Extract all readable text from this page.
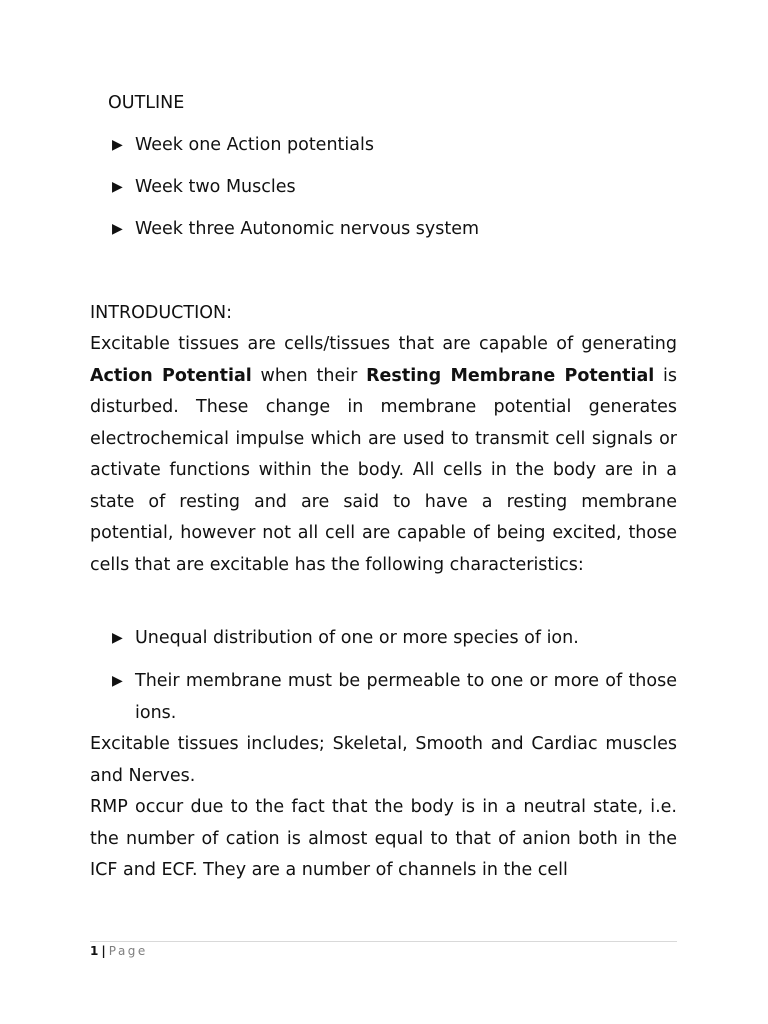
OUTLINE
▶ Week one Action potentials
▶ Week two Muscles
▶ Week three Autonomic nervous system
INTRODUCTION:

Excitable tissues are cells/tissues that are capable of generating Action Potential when their Resting Membrane Potential is disturbed. These change in membrane potential generates electrochemical impulse which are used to transmit cell signals or activate functions within the body. All cells in the body are in a state of resting and are said to have a resting membrane potential, however not all cell are capable of being excited, those cells that are excitable has the following characteristics:

▶ Unequal distribution of one or more species of ion.
▶ Their membrane must be permeable to one or more of those ions.

Excitable tissues includes; Skeletal, Smooth and Cardiac muscles and Nerves.

RMP occur due to the fact that the body is in a neutral state, i.e. the number of cation is almost equal to that of anion both in the ICF and ECF. They are a number of channels in the cell

1 | Page
